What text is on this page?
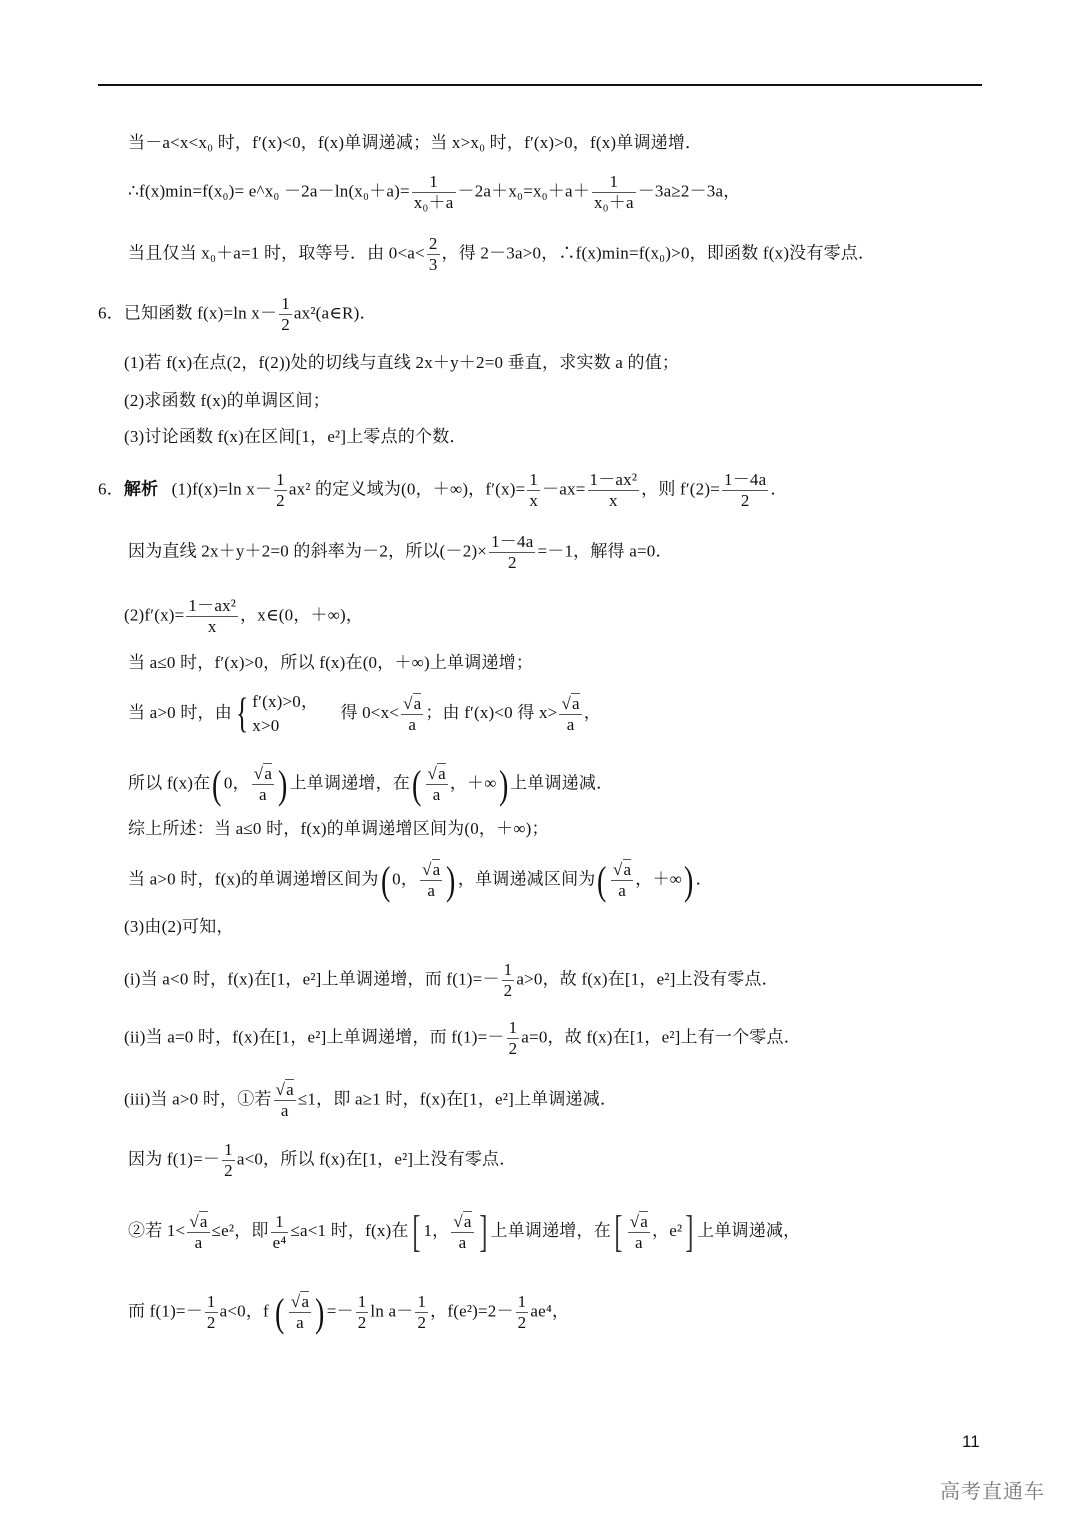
当－a<x<x₀ 时，f′(x)<0，f(x)单调递减；当 x>x₀ 时，f′(x)>0，f(x)单调递增．
∴f(x)min=f(x₀)= e^x₀ $-2a-\ln(x_0+a)= \frac{1}{\text{x₀＋a}} -2a+x_0=x_0+a+ \frac{1}{\text{x₀＋a}} -3a\ge 2-3a$，
当且仅当 x₀＋a=1 时，取等号．由 $0<a< \frac{2}{3}$ ，得 2－3a>0，∴f(x)min=f(x₀)>0，即函数 f(x)没有零点．
6．已知函数 f(x)=ln $x- \frac{1}{2}$ ax²(a∈R)．
(1)若 f(x)在点(2，f(2))处的切线与直线 2x＋y＋2=0 垂直，求实数 a 的值；
(2)求函数 f(x)的单调区间；
(3)讨论函数 f(x)在区间[1，e²]上零点的个数．
6．解析 (1)f(x)=ln $x- \frac{1}{2} ax^2$ 的定义域为(0，＋∞)，$f'(x)= \frac{1}{x} -ax= \frac{\text{1－ax²}}{x}$ ，则 $f'(2)= \frac{1-4a}{2}$ ．
因为直线 2x＋y＋2=0 的斜率为－2，所以$(-2)\times \frac{1-4a}{2} =-1$，解得 a=0．
$(2)f'(x)= \frac{\text{1－ax²}}{x}$ ，x∈(0，＋∞)，
当 a≤0 时，f′(x)>0，所以 f(x)在(0，＋∞)上单调递增；
当 a>0 时，由{ f′(x)>0，
x>0
得 $0<x< \frac{√a}{a}$ ；由 f′(x)<0 得 $x> \frac{√a}{a}$ ，
所以 f(x)在( 0， $\frac{√a}{a}$ ) 上单调递增，在( $\frac{√a}{a}$ ，＋∞) 上单调递减．
综上所述：当 a≤0 时，f(x)的单调递增区间为(0，＋∞)；
当 a>0 时，f(x)的单调递增区间为( 0， $\frac{√a}{a}$ ) ，单调递减区间为( $\frac{√a}{a}$ ，＋∞) ．
(3)由(2)可知，
(i)当 a<0 时，f(x)在[1，e²]上单调递增，而 $f(1)=- \frac{1}{2} a>0$，故 f(x)在[1，e²]上没有零点．
(ii)当 a=0 时，f(x)在[1，e²]上单调递增，而 $f(1)=- \frac{1}{2} a=0$，故 f(x)在[1，e²]上有一个零点．
(iii)当 a>0 时，①若 $\frac{√a}{a} \le 1$，即 a≥1 时，f(x)在[1，e²]上单调递减．
因为 $f(1)=- \frac{1}{2} a<0$，所以 f(x)在[1，e²]上没有零点．
②若 $1< \frac{√a}{a} \le e^2$，即 $\frac{1}{\text{e⁴}} \le a<1$ 时，f(x)在[ 1， $\frac{√a}{a}$ ] 上单调递增，在[ $\frac{√a}{a}$ ，e²] 上单调递减，
而 $f(1)=- \frac{1}{2} a<0$，f ( $\frac{√a}{a}$ ) =－ $\frac{1}{2}$ $\ln a- \frac{1}{2}$ ，$f(e^2)=2- \frac{1}{2} ae^4$，
11
高考直通车
